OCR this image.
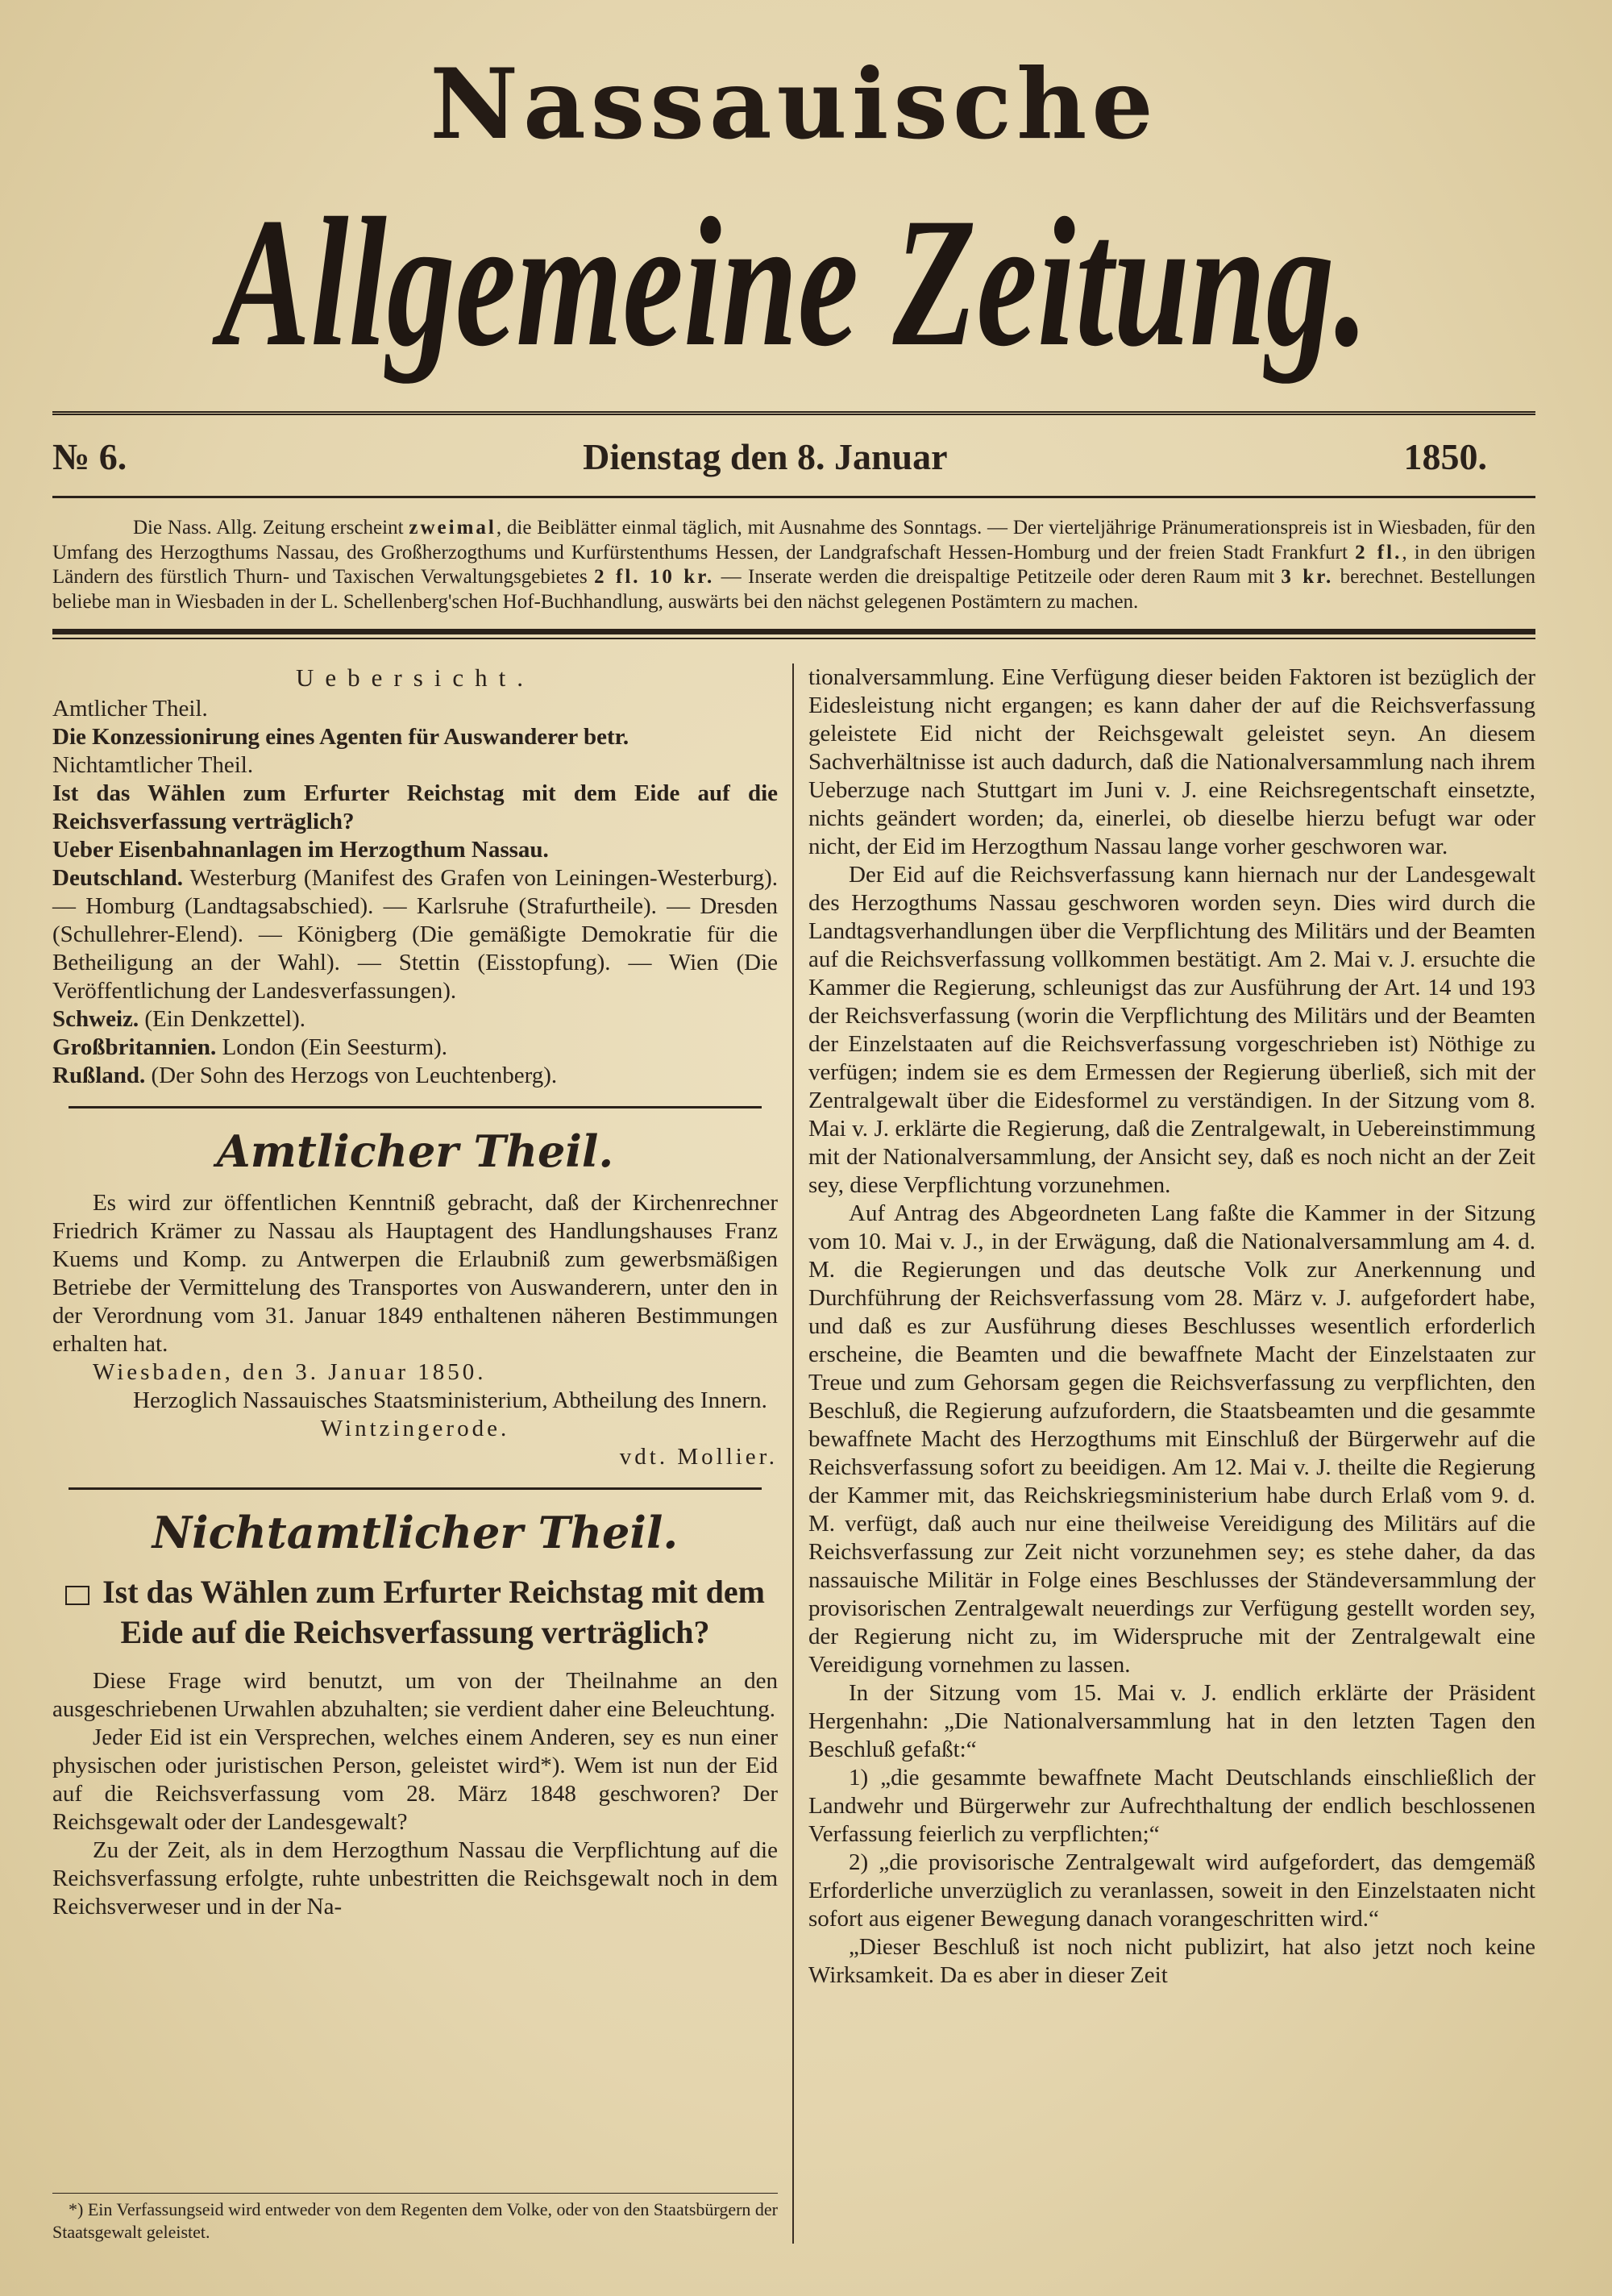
Nassauische
Allgemeine Zeitung.
№ 6.	Dienstag den 8. Januar	1850.
Die Nass. Allg. Zeitung erscheint zweimal, die Beiblätter einmal täglich, mit Ausnahme des Sonntags. — Der vierteljährige Pränumerationspreis ist in Wiesbaden, für den Umfang des Herzogthums Nassau, des Großherzogthums und Kurfürstenthums Hessen, der Landgrafschaft Hessen-Homburg und der freien Stadt Frankfurt 2 fl., in den übrigen Ländern des fürstlich Thurn- und Taxischen Verwaltungsgebietes 2 fl. 10 kr. — Inserate werden die dreispaltige Petitzeile oder deren Raum mit 3 kr. berechnet. Bestellungen beliebe man in Wiesbaden in der L. Schellenberg'schen Hof-Buchhandlung, auswärts bei den nächst gelegenen Postämtern zu machen.

Uebersicht.

Amtlicher Theil.

Die Konzessionirung eines Agenten für Auswanderer betr.

Nichtamtlicher Theil.

Ist das Wählen zum Erfurter Reichstag mit dem Eide auf die Reichsverfassung verträglich?

Ueber Eisenbahnanlagen im Herzogthum Nassau.

Deutschland. Westerburg (Manifest des Grafen von Leiningen-Westerburg). — Homburg (Landtagsabschied). — Karlsruhe (Strafurtheile). — Dresden (Schullehrer-Elend). — Königberg (Die gemäßigte Demokratie für die Betheiligung an der Wahl). — Stettin (Eisstopfung). — Wien (Die Veröffentlichung der Landesverfassungen).

Schweiz. (Ein Denkzettel).

Großbritannien. London (Ein Seesturm).

Rußland. (Der Sohn des Herzogs von Leuchtenberg).

Amtlicher Theil.

Es wird zur öffentlichen Kenntniß gebracht, daß der Kirchenrechner Friedrich Krämer zu Nassau als Hauptagent des Handlungshauses Franz Kuems und Komp. zu Antwerpen die Erlaubniß zum gewerbsmäßigen Betriebe der Vermittelung des Transportes von Auswanderern, unter den in der Verordnung vom 31. Januar 1849 enthaltenen näheren Bestimmungen erhalten hat.

Wiesbaden, den 3. Januar 1850.

Herzoglich Nassauisches Staatsministerium, Abtheilung des Innern.

Wintzingerode.

vdt. Mollier.

Nichtamtlicher Theil.

Ist das Wählen zum Erfurter Reichstag mit dem Eide auf die Reichsverfassung verträglich?

Diese Frage wird benutzt, um von der Theilnahme an den ausgeschriebenen Urwahlen abzuhalten; sie verdient daher eine Beleuchtung.

Jeder Eid ist ein Versprechen, welches einem Anderen, sey es nun einer physischen oder juristischen Person, geleistet wird*). Wem ist nun der Eid auf die Reichsverfassung vom 28. März 1848 geschworen? Der Reichsgewalt oder der Landesgewalt?

Zu der Zeit, als in dem Herzogthum Nassau die Verpflichtung auf die Reichsverfassung erfolgte, ruhte unbestritten die Reichsgewalt noch in dem Reichsverweser und in der Na-

*) Ein Verfassungseid wird entweder von dem Regenten dem Volke, oder von den Staatsbürgern der Staatsgewalt geleistet.

tionalversammlung. Eine Verfügung dieser beiden Faktoren ist bezüglich der Eidesleistung nicht ergangen; es kann daher der auf die Reichsverfassung geleistete Eid nicht der Reichsgewalt geleistet seyn. An diesem Sachverhältnisse ist auch dadurch, daß die Nationalversammlung nach ihrem Ueberzuge nach Stuttgart im Juni v. J. eine Reichsregentschaft einsetzte, nichts geändert worden; da, einerlei, ob dieselbe hierzu befugt war oder nicht, der Eid im Herzogthum Nassau lange vorher geschworen war.

Der Eid auf die Reichsverfassung kann hiernach nur der Landesgewalt des Herzogthums Nassau geschworen worden seyn. Dies wird durch die Landtagsverhandlungen über die Verpflichtung des Militärs und der Beamten auf die Reichsverfassung vollkommen bestätigt. Am 2. Mai v. J. ersuchte die Kammer die Regierung, schleunigst das zur Ausführung der Art. 14 und 193 der Reichsverfassung (worin die Verpflichtung des Militärs und der Beamten der Einzelstaaten auf die Reichsverfassung vorgeschrieben ist) Nöthige zu verfügen; indem sie es dem Ermessen der Regierung überließ, sich mit der Zentralgewalt über die Eidesformel zu verständigen. In der Sitzung vom 8. Mai v. J. erklärte die Regierung, daß die Zentralgewalt, in Uebereinstimmung mit der Nationalversammlung, der Ansicht sey, daß es noch nicht an der Zeit sey, diese Verpflichtung vorzunehmen.

Auf Antrag des Abgeordneten Lang faßte die Kammer in der Sitzung vom 10. Mai v. J., in der Erwägung, daß die Nationalversammlung am 4. d. M. die Regierungen und das deutsche Volk zur Anerkennung und Durchführung der Reichsverfassung vom 28. März v. J. aufgefordert habe, und daß es zur Ausführung dieses Beschlusses wesentlich erforderlich erscheine, die Beamten und die bewaffnete Macht der Einzelstaaten zur Treue und zum Gehorsam gegen die Reichsverfassung zu verpflichten, den Beschluß, die Regierung aufzufordern, die Staatsbeamten und die gesammte bewaffnete Macht des Herzogthums mit Einschluß der Bürgerwehr auf die Reichsverfassung sofort zu beeidigen. Am 12. Mai v. J. theilte die Regierung der Kammer mit, das Reichskriegsministerium habe durch Erlaß vom 9. d. M. verfügt, daß auch nur eine theilweise Vereidigung des Militärs auf die Reichsverfassung zur Zeit nicht vorzunehmen sey; es stehe daher, da das nassauische Militär in Folge eines Beschlusses der Ständeversammlung der provisorischen Zentralgewalt neuerdings zur Verfügung gestellt worden sey, der Regierung nicht zu, im Widerspruche mit der Zentralgewalt eine Vereidigung vornehmen zu lassen.

In der Sitzung vom 15. Mai v. J. endlich erklärte der Präsident Hergenhahn: „Die Nationalversammlung hat in den letzten Tagen den Beschluß gefaßt:“

1) „die gesammte bewaffnete Macht Deutschlands einschließlich der Landwehr und Bürgerwehr zur Aufrechthaltung der endlich beschlossenen Verfassung feierlich zu verpflichten;“

2) „die provisorische Zentralgewalt wird aufgefordert, das demgemäß Erforderliche unverzüglich zu veranlassen, soweit in den Einzelstaaten nicht sofort aus eigener Bewegung danach vorangeschritten wird.“

„Dieser Beschluß ist noch nicht publizirt, hat also jetzt noch keine Wirksamkeit. Da es aber in dieser Zeit
